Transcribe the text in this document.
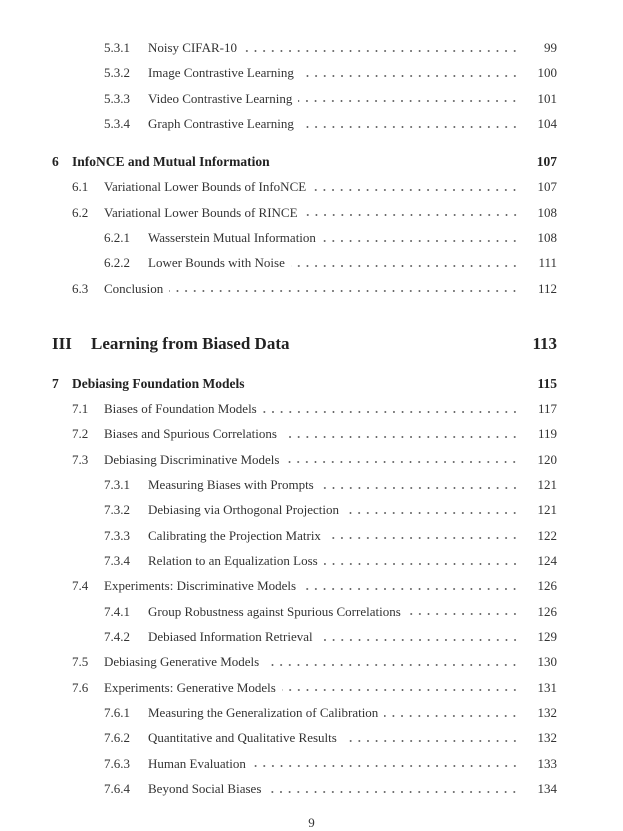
5.3.1 Noisy CIFAR-10	99
5.3.2 Image Contrastive Learning	100
5.3.3 Video Contrastive Learning	101
5.3.4 Graph Contrastive Learning	104
6 InfoNCE and Mutual Information	107
6.1 Variational Lower Bounds of InfoNCE	107
6.2 Variational Lower Bounds of RINCE	108
6.2.1 Wasserstein Mutual Information	108
6.2.2 Lower Bounds with Noise	111
6.3 Conclusion	112
III Learning from Biased Data	113
7 Debiasing Foundation Models	115
7.1 Biases of Foundation Models	117
7.2 Biases and Spurious Correlations	119
7.3 Debiasing Discriminative Models	120
7.3.1 Measuring Biases with Prompts	121
7.3.2 Debiasing via Orthogonal Projection	121
7.3.3 Calibrating the Projection Matrix	122
7.3.4 Relation to an Equalization Loss	124
7.4 Experiments: Discriminative Models	126
7.4.1 Group Robustness against Spurious Correlations	126
7.4.2 Debiased Information Retrieval	129
7.5 Debiasing Generative Models	130
7.6 Experiments: Generative Models	131
7.6.1 Measuring the Generalization of Calibration	132
7.6.2 Quantitative and Qualitative Results	132
7.6.3 Human Evaluation	133
7.6.4 Beyond Social Biases	134
9
